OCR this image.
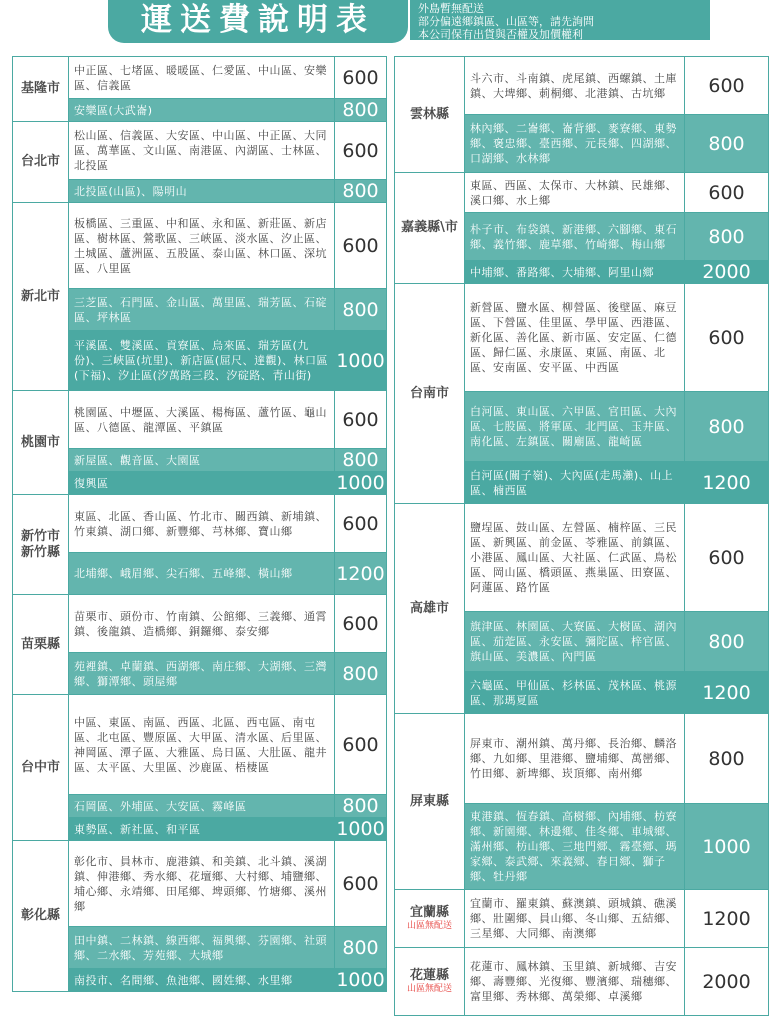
運送費說明表	外島暫無配送
部分偏遠鄉鎮區、山區等，請先詢問
本公司保有出貨與否權及加價權利
基隆市	中正區、七堵區、暖暖區、仁愛區、中山區、安樂區、信義區	600
	安樂區(大武崙)	800

台北市	松山區、信義區、大安區、中山區、中正區、大同區、萬華區、文山區、南港區、內湖區、士林區、北投區	600
	北投區(山區)、陽明山	800

新北市	板橋區、三重區、中和區、永和區、新莊區、新店區、樹林區、鶯歌區、三峽區、淡水區、汐止區、土城區、蘆洲區、五股區、泰山區、林口區、深坑區、八里區	600
	三芝區、石門區、金山區、萬里區、瑞芳區、石碇區、坪林區	800
	平溪區、雙溪區、貢寮區、烏來區、瑞芳區(九份)、三峽區(坑里)、新店區(屈尺、達觀)、林口區(下福)、汐止區(汐萬路三段、汐碇路、青山街)	1000

桃園市	桃園區、中壢區、大溪區、楊梅區、蘆竹區、龜山區、八德區、龍潭區、平鎮區	600
	新屋區、觀音區、大園區	800
	復興區	1000

新竹市
新竹縣	東區、北區、香山區、竹北市、關西鎮、新埔鎮、竹東鎮、湖口鄉、新豐鄉、芎林鄉、寶山鄉	600
	北埔鄉、峨眉鄉、尖石鄉、五峰鄉、橫山鄉	1200

苗栗縣	苗栗市、頭份市、竹南鎮、公館鄉、三義鄉、通霄鎮、後龍鎮、造橋鄉、銅鑼鄉、泰安鄉	600
	苑裡鎮、卓蘭鎮、西湖鄉、南庄鄉、大湖鄉、三灣鄉、獅潭鄉、頭屋鄉	800

台中市	中區、東區、南區、西區、北區、西屯區、南屯區、北屯區、豐原區、大甲區、清水區、后里區、神岡區、潭子區、大雅區、烏日區、大肚區、龍井區、太平區、大里區、沙鹿區、梧棲區	600
	石岡區、外埔區、大安區、霧峰區	800
	東勢區、新社區、和平區	1000

彰化縣	彰化市、員林市、鹿港鎮、和美鎮、北斗鎮、溪湖鎮、伸港鄉、秀水鄉、花壇鄉、大村鄉、埔鹽鄉、埔心鄉、永靖鄉、田尾鄉、埤頭鄉、竹塘鄉、溪州鄉	600
	田中鎮、二林鎮、線西鄉、福興鄉、芬園鄉、社頭鄉、二水鄉、芳苑鄉、大城鄉	800
	南投市、名間鄉、魚池鄉、國姓鄉、水里鄉	1000
雲林縣	斗六市、斗南鎮、虎尾鎮、西螺鎮、土庫鎮、大埤鄉、莿桐鄉、北港鎮、古坑鄉	600
	林內鄉、二崙鄉、崙背鄉、麥寮鄉、東勢鄉、褒忠鄉、臺西鄉、元長鄉、四湖鄉、口湖鄉、水林鄉	800

嘉義縣\市	東區、西區、太保市、大林鎮、民雄鄉、溪口鄉、水上鄉	600
	朴子市、布袋鎮、新港鄉、六腳鄉、東石鄉、義竹鄉、鹿草鄉、竹崎鄉、梅山鄉	800
	中埔鄉、番路鄉、大埔鄉、阿里山鄉	2000

台南市	新營區、鹽水區、柳營區、後壁區、麻豆區、下營區、佳里區、學甲區、西港區、新化區、善化區、新市區、安定區、仁德區、歸仁區、永康區、東區、南區、北區、安南區、安平區、中西區	600
	白河區、東山區、六甲區、官田區、大內區、七股區、將軍區、北門區、玉井區、南化區、左鎮區、關廟區、龍崎區	800
	白河區(關子嶺)、大內區(走馬瀨)、山上區、楠西區	1200

高雄市	鹽埕區、鼓山區、左營區、楠梓區、三民區、新興區、前金區、苓雅區、前鎮區、小港區、鳳山區、大社區、仁武區、鳥松區、岡山區、橋頭區、燕巢區、田寮區、阿蓮區、路竹區	600
	旗津區、林園區、大寮區、大樹區、湖內區、茄萣區、永安區、彌陀區、梓官區、旗山區、美濃區、內門區	800
	六龜區、甲仙區、杉林區、茂林區、桃源區、那瑪夏區	1200

屏東縣	屏東市、潮州鎮、萬丹鄉、長治鄉、麟洛鄉、九如鄉、里港鄉、鹽埔鄉、萬巒鄉、竹田鄉、新埤鄉、崁頂鄉、南州鄉	800
	東港鎮、恆春鎮、高樹鄉、內埔鄉、枋寮鄉、新園鄉、林邊鄉、佳冬鄉、車城鄉、滿州鄉、枋山鄉、三地門鄉、霧臺鄉、瑪家鄉、泰武鄉、來義鄉、春日鄉、獅子鄉、牡丹鄉	1000

宜蘭縣
山區無配送	宜蘭市、羅東鎮、蘇澳鎮、頭城鎮、礁溪鄉、壯圍鄉、員山鄉、冬山鄉、五結鄉、三星鄉、大同鄉、南澳鄉	1200

花蓮縣
山區無配送	花蓮市、鳳林鎮、玉里鎮、新城鄉、吉安鄉、壽豐鄉、光復鄉、豐濱鄉、瑞穗鄉、富里鄉、秀林鄉、萬榮鄉、卓溪鄉	2000
